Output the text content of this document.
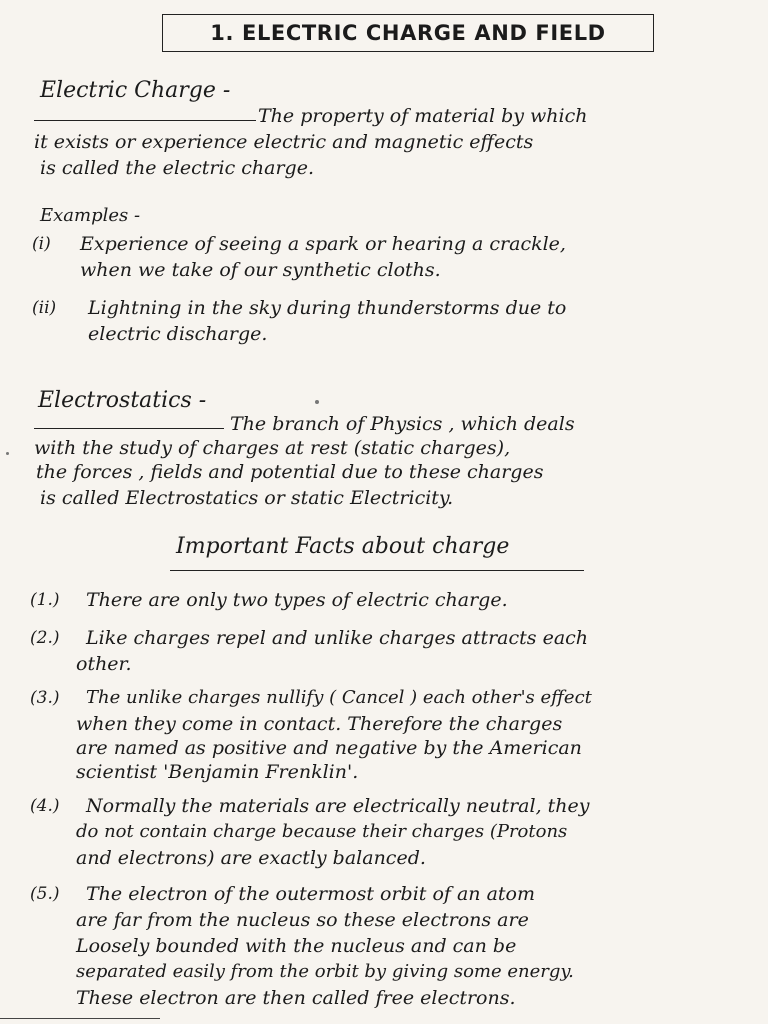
1. ELECTRIC CHARGE AND FIELD
Electric Charge -
The property of material by which
it exists or experience electric and magnetic effects
is called the electric charge.
Examples -
(i) Experience of seeing a spark or hearing a crackle,
when we take of our synthetic cloths.
(ii) Lightning in the sky during thunderstorms due to
electric discharge.
Electrostatics -
The branch of Physics , which deals
with the study of charges at rest (static charges),
the forces , fields and potential due to these charges
is called Electrostatics or static Electricity.
Important Facts about charge
(1.) There are only two types of electric charge.
(2.) Like charges repel and unlike charges attracts each
other.
(3.) The unlike charges nullify ( Cancel ) each other's effect
when they come in contact. Therefore the charges
are named as positive and negative by the American
scientist 'Benjamin Frenklin'.
(4.) Normally the materials are electrically neutral, they
do not contain charge because their charges (Protons
and electrons) are exactly balanced.
(5.) The electron of the outermost orbit of an atom
are far from the nucleus so these electrons are
Loosely bounded with the nucleus and can be
separated easily from the orbit by giving some energy.
These electron are then called free electrons.
